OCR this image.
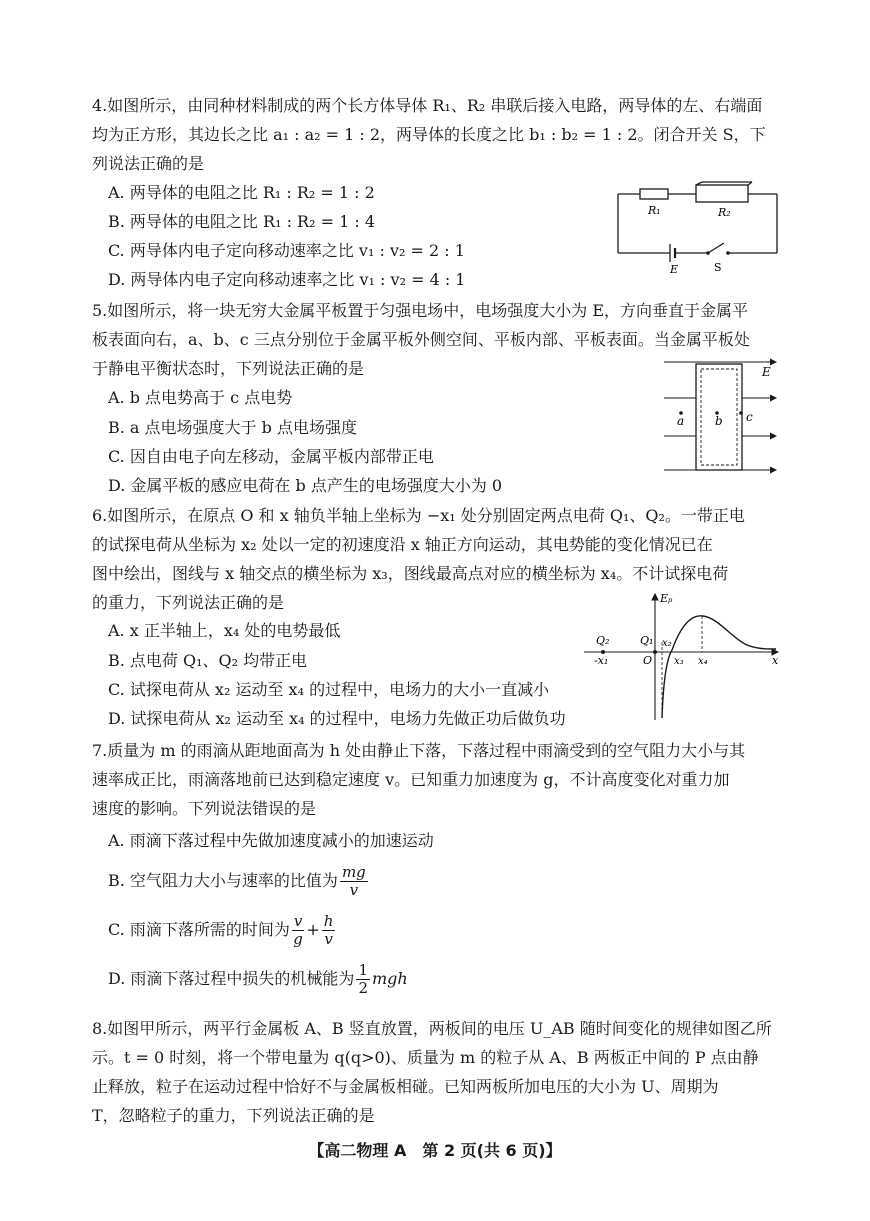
4.如图所示，由同种材料制成的两个长方体导体 R₁、R₂ 串联后接入电路，两导体的左、右端面
均为正方形，其边长之比 a₁ : a₂ = 1 : 2，两导体的长度之比 b₁ : b₂ = 1 : 2。闭合开关 S，下
列说法正确的是
A. 两导体的电阻之比 R₁ : R₂ = 1 : 2
B. 两导体的电阻之比 R₁ : R₂ = 1 : 4
C. 两导体内电子定向移动速率之比 v₁ : v₂ = 2 : 1
D. 两导体内电子定向移动速率之比 v₁ : v₂ = 4 : 1
R₁	R₂
E	S
5.如图所示，将一块无穷大金属平板置于匀强电场中，电场强度大小为 E，方向垂直于金属平
板表面向右，a、b、c 三点分别位于金属平板外侧空间、平板内部、平板表面。当金属平板处
于静电平衡状态时，下列说法正确的是
A. b 点电势高于 c 点电势
B. a 点电场强度大于 b 点电场强度
C. 因自由电子向左移动，金属平板内部带正电
D. 金属平板的感应电荷在 b 点产生的电场强度大小为 0
E
a	b c
6.如图所示，在原点 O 和 x 轴负半轴上坐标为 −x₁ 处分别固定两点电荷 Q₁、Q₂。一带正电
的试探电荷从坐标为 x₂ 处以一定的初速度沿 x 轴正方向运动，其电势能的变化情况已在
图中绘出，图线与 x 轴交点的横坐标为 x₃，图线最高点对应的横坐标为 x₄。不计试探电荷
的重力，下列说法正确的是
A. x 正半轴上，x₄ 处的电势最低
B. 点电荷 Q₁、Q₂ 均带正电
C. 试探电荷从 x₂ 运动至 x₄ 的过程中，电场力的大小一直减小
D. 试探电荷从 x₂ 运动至 x₄ 的过程中，电场力先做正功后做负功
Eₚ
Q₂	Q₁
-x₁	O
x₂
x₃ x₄	x
7.质量为 m 的雨滴从距地面高为 h 处由静止下落，下落过程中雨滴受到的空气阻力大小与其
速率成正比，雨滴落地前已达到稳定速度 v。已知重力加速度为 g，不计高度变化对重力加
速度的影响。下列说法错误的是
A. 雨滴下落过程中先做加速度减小的加速运动
B. 空气阻力大小与速率的比值为 $\frac{mg}{v}$
C. 雨滴下落所需的时间为 $\frac{v}{g} + \frac{h}{v}$
D. 雨滴下落过程中损失的机械能为 $\frac{1}{2}$ mgh
8.如图甲所示，两平行金属板 A、B 竖直放置，两板间的电压 U_AB 随时间变化的规律如图乙所
示。t = 0 时刻，将一个带电量为 q(q>0)、质量为 m 的粒子从 A、B 两板正中间的 P 点由静
止释放，粒子在运动过程中恰好不与金属板相碰。已知两板所加电压的大小为 U、周期为
T，忽略粒子的重力，下列说法正确的是
【高二物理 A　第 2 页(共 6 页)】
